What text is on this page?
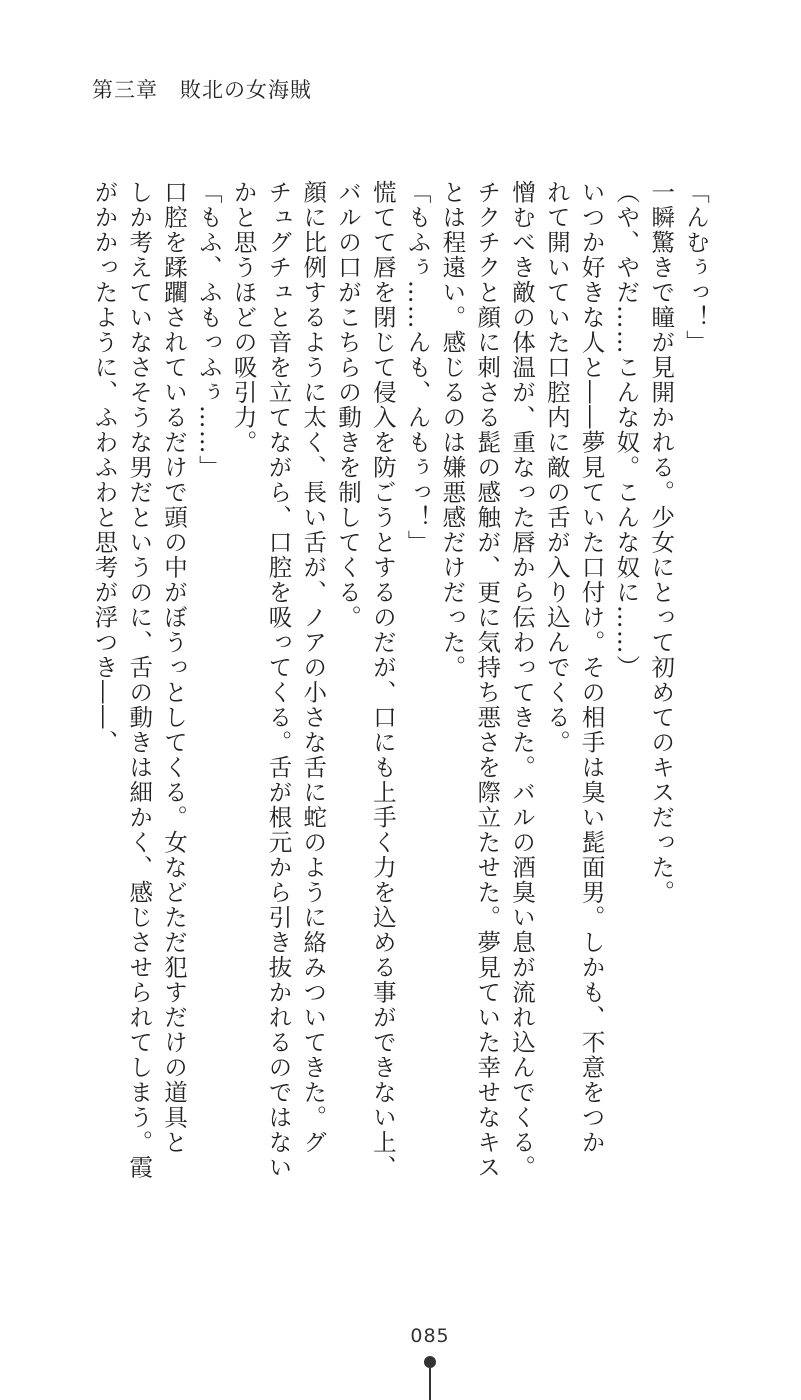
第三章 敗北の女海賊
「んむぅっ！」
一瞬驚きで瞳が見開かれる。少女にとって初めてのキスだった。
（や、やだ……こんな奴。こんな奴に……）
いつか好きな人と――夢見ていた口付け。その相手は臭い髭面男。しかも、不意をつか
れて開いていた口腔内に敵の舌が入り込んでくる。
憎むべき敵の体温が、重なった唇から伝わってきた。バルの酒臭い息が流れ込んでくる。
チクチクと顔に刺さる髭の感触が、更に気持ち悪さを際立たせた。夢見ていた幸せなキス
とは程遠い。感じるのは嫌悪感だけだった。
「もふぅ……んも、んもぅっ！」
慌てて唇を閉じて侵入を防ごうとするのだが、口にも上手く力を込める事ができない上、
バルの口がこちらの動きを制してくる。
顔に比例するように太く、長い舌が、ノアの小さな舌に蛇のように絡みついてきた。グ
チュグチュと音を立てながら、口腔を吸ってくる。舌が根元から引き抜かれるのではない
かと思うほどの吸引力。
「もふ、ふもっふぅ……」
口腔を蹂躙されているだけで頭の中がぼうっとしてくる。女などただ犯すだけの道具と
しか考えていなさそうな男だというのに、舌の動きは細かく、感じさせられてしまう。霞
がかかったように、ふわふわと思考が浮つき――、
085
